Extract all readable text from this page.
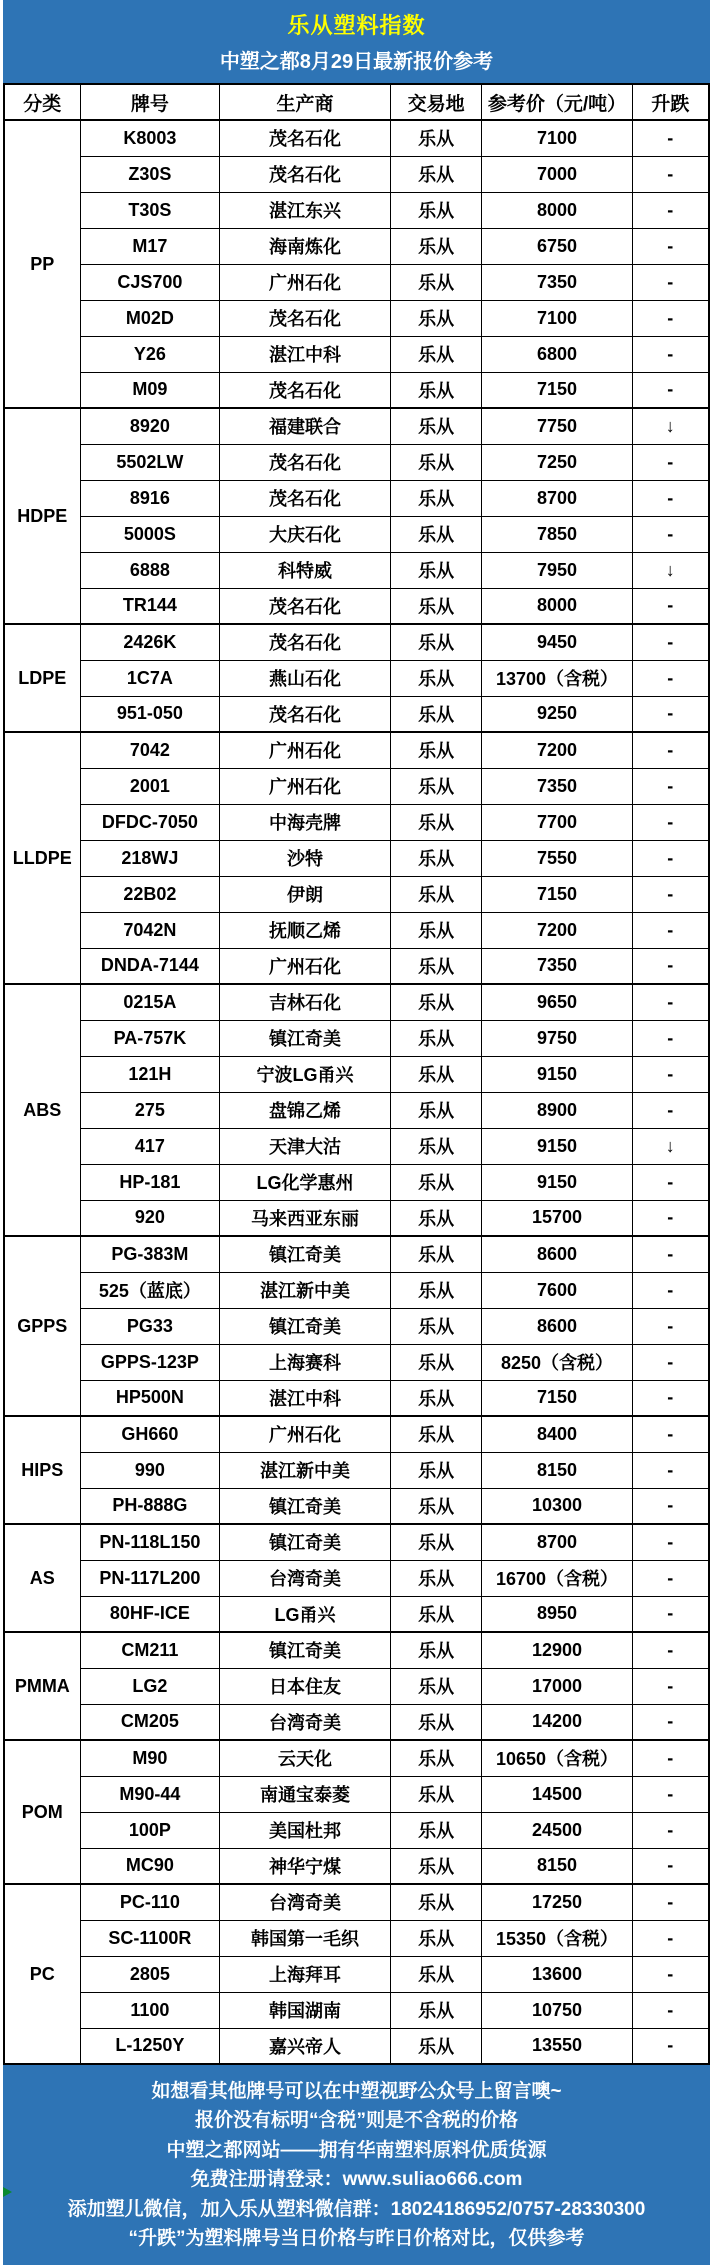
乐从塑料指数
中塑之都8月29日最新报价参考
分类	牌号	生产商	交易地	参考价（元/吨）	升跌
PP	K8003	茂名石化	乐从	7100	-
	Z30S	茂名石化	乐从	7000	-
	T30S	湛江东兴	乐从	8000	-
	M17	海南炼化	乐从	6750	-
	CJS700	广州石化	乐从	7350	-
	M02D	茂名石化	乐从	7100	-
	Y26	湛江中科	乐从	6800	-
	M09	茂名石化	乐从	7150	-
HDPE	8920	福建联合	乐从	7750	↓
	5502LW	茂名石化	乐从	7250	-
	8916	茂名石化	乐从	8700	-
	5000S	大庆石化	乐从	7850	-
	6888	科特威	乐从	7950	↓
	TR144	茂名石化	乐从	8000	-
LDPE	2426K	茂名石化	乐从	9450	-
	1C7A	燕山石化	乐从	13700（含税）	-
	951-050	茂名石化	乐从	9250	-
LLDPE	7042	广州石化	乐从	7200	-
	2001	广州石化	乐从	7350	-
	DFDC-7050	中海壳牌	乐从	7700	-
	218WJ	沙特	乐从	7550	-
	22B02	伊朗	乐从	7150	-
	7042N	抚顺乙烯	乐从	7200	-
	DNDA-7144	广州石化	乐从	7350	-
ABS	0215A	吉林石化	乐从	9650	-
	PA-757K	镇江奇美	乐从	9750	-
	121H	宁波LG甬兴	乐从	9150	-
	275	盘锦乙烯	乐从	8900	-
	417	天津大沽	乐从	9150	↓
	HP-181	LG化学惠州	乐从	9150	-
	920	马来西亚东丽	乐从	15700	-
GPPS	PG-383M	镇江奇美	乐从	8600	-
	525（蓝底）	湛江新中美	乐从	7600	-
	PG33	镇江奇美	乐从	8600	-
	GPPS-123P	上海赛科	乐从	8250（含税）	-
	HP500N	湛江中科	乐从	7150	-
HIPS	GH660	广州石化	乐从	8400	-
	990	湛江新中美	乐从	8150	-
	PH-888G	镇江奇美	乐从	10300	-
AS	PN-118L150	镇江奇美	乐从	8700	-
	PN-117L200	台湾奇美	乐从	16700（含税）	-
	80HF-ICE	LG甬兴	乐从	8950	-
PMMA	CM211	镇江奇美	乐从	12900	-
	LG2	日本住友	乐从	17000	-
	CM205	台湾奇美	乐从	14200	-
POM	M90	云天化	乐从	10650（含税）	-
	M90-44	南通宝泰菱	乐从	14500	-
	100P	美国杜邦	乐从	24500	-
	MC90	神华宁煤	乐从	8150	-
PC	PC-110	台湾奇美	乐从	17250	-
	SC-1100R	韩国第一毛织	乐从	15350（含税）	-
	2805	上海拜耳	乐从	13600	-
	1100	韩国湖南	乐从	10750	-
	L-1250Y	嘉兴帝人	乐从	13550	-
如想看其他牌号可以在中塑视野公众号上留言噢~
报价没有标明“含税”则是不含税的价格
中塑之都网站——拥有华南塑料原料优质货源
免费注册请登录：www.suliao666.com
添加塑儿微信，加入乐从塑料微信群：18024186952/0757-28330300
“升跌”为塑料牌号当日价格与昨日价格对比，仅供参考
